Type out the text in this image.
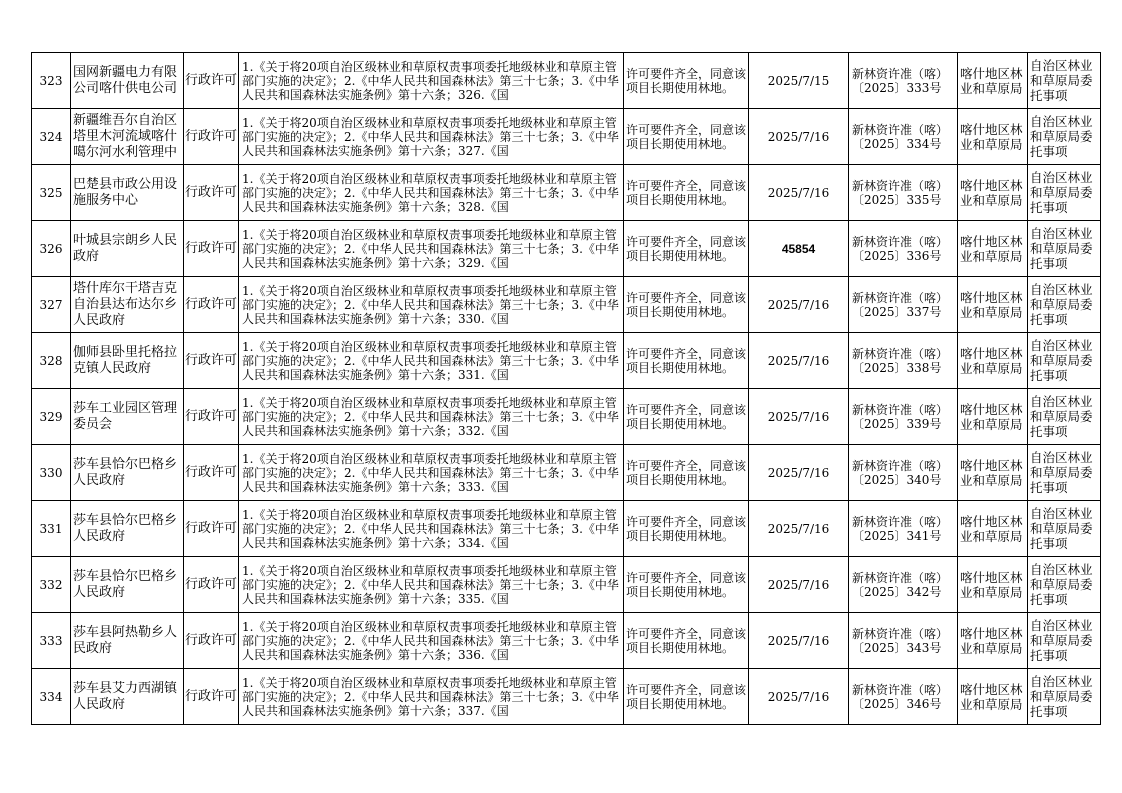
323	国网新疆电力有限公司喀什供电公司	行政许可	1.《关于将20项自治区级林业和草原权责事项委托地级林业和草原主管部门实施的决定》；2.《中华人民共和国森林法》第三十七条；3.《中华人民共和国森林法实施条例》第十六条；326.《国	许可要件齐全，同意该项目长期使用林地。	2025/7/15	新林资许准（喀）〔2025〕333号	喀什地区林业和草原局	自治区林业和草原局委托事项
324	新疆维吾尔自治区塔里木河流域喀什噶尔河水利管理中	行政许可	1.《关于将20项自治区级林业和草原权责事项委托地级林业和草原主管部门实施的决定》；2.《中华人民共和国森林法》第三十七条；3.《中华人民共和国森林法实施条例》第十六条；327.《国	许可要件齐全，同意该项目长期使用林地。	2025/7/16	新林资许准（喀）〔2025〕334号	喀什地区林业和草原局	自治区林业和草原局委托事项
325	巴楚县市政公用设施服务中心	行政许可	1.《关于将20项自治区级林业和草原权责事项委托地级林业和草原主管部门实施的决定》；2.《中华人民共和国森林法》第三十七条；3.《中华人民共和国森林法实施条例》第十六条；328.《国	许可要件齐全，同意该项目长期使用林地。	2025/7/16	新林资许准（喀）〔2025〕335号	喀什地区林业和草原局	自治区林业和草原局委托事项
326	叶城县宗朗乡人民政府	行政许可	1.《关于将20项自治区级林业和草原权责事项委托地级林业和草原主管部门实施的决定》；2.《中华人民共和国森林法》第三十七条；3.《中华人民共和国森林法实施条例》第十六条；329.《国	许可要件齐全，同意该项目长期使用林地。	45854	新林资许准（喀）〔2025〕336号	喀什地区林业和草原局	自治区林业和草原局委托事项
327	塔什库尔干塔吉克自治县达布达尔乡人民政府	行政许可	1.《关于将20项自治区级林业和草原权责事项委托地级林业和草原主管部门实施的决定》；2.《中华人民共和国森林法》第三十七条；3.《中华人民共和国森林法实施条例》第十六条；330.《国	许可要件齐全，同意该项目长期使用林地。	2025/7/16	新林资许准（喀）〔2025〕337号	喀什地区林业和草原局	自治区林业和草原局委托事项
328	伽师县卧里托格拉克镇人民政府	行政许可	1.《关于将20项自治区级林业和草原权责事项委托地级林业和草原主管部门实施的决定》；2.《中华人民共和国森林法》第三十七条；3.《中华人民共和国森林法实施条例》第十六条；331.《国	许可要件齐全，同意该项目长期使用林地。	2025/7/16	新林资许准（喀）〔2025〕338号	喀什地区林业和草原局	自治区林业和草原局委托事项
329	莎车工业园区管理委员会	行政许可	1.《关于将20项自治区级林业和草原权责事项委托地级林业和草原主管部门实施的决定》；2.《中华人民共和国森林法》第三十七条；3.《中华人民共和国森林法实施条例》第十六条；332.《国	许可要件齐全，同意该项目长期使用林地。	2025/7/16	新林资许准（喀）〔2025〕339号	喀什地区林业和草原局	自治区林业和草原局委托事项
330	莎车县恰尔巴格乡人民政府	行政许可	1.《关于将20项自治区级林业和草原权责事项委托地级林业和草原主管部门实施的决定》；2.《中华人民共和国森林法》第三十七条；3.《中华人民共和国森林法实施条例》第十六条；333.《国	许可要件齐全，同意该项目长期使用林地。	2025/7/16	新林资许准（喀）〔2025〕340号	喀什地区林业和草原局	自治区林业和草原局委托事项
331	莎车县恰尔巴格乡人民政府	行政许可	1.《关于将20项自治区级林业和草原权责事项委托地级林业和草原主管部门实施的决定》；2.《中华人民共和国森林法》第三十七条；3.《中华人民共和国森林法实施条例》第十六条；334.《国	许可要件齐全，同意该项目长期使用林地。	2025/7/16	新林资许准（喀）〔2025〕341号	喀什地区林业和草原局	自治区林业和草原局委托事项
332	莎车县恰尔巴格乡人民政府	行政许可	1.《关于将20项自治区级林业和草原权责事项委托地级林业和草原主管部门实施的决定》；2.《中华人民共和国森林法》第三十七条；3.《中华人民共和国森林法实施条例》第十六条；335.《国	许可要件齐全，同意该项目长期使用林地。	2025/7/16	新林资许准（喀）〔2025〕342号	喀什地区林业和草原局	自治区林业和草原局委托事项
333	莎车县阿热勒乡人民政府	行政许可	1.《关于将20项自治区级林业和草原权责事项委托地级林业和草原主管部门实施的决定》；2.《中华人民共和国森林法》第三十七条；3.《中华人民共和国森林法实施条例》第十六条；336.《国	许可要件齐全，同意该项目长期使用林地。	2025/7/16	新林资许准（喀）〔2025〕343号	喀什地区林业和草原局	自治区林业和草原局委托事项
334	莎车县艾力西湖镇人民政府	行政许可	1.《关于将20项自治区级林业和草原权责事项委托地级林业和草原主管部门实施的决定》；2.《中华人民共和国森林法》第三十七条；3.《中华人民共和国森林法实施条例》第十六条；337.《国	许可要件齐全，同意该项目长期使用林地。	2025/7/16	新林资许准（喀）〔2025〕346号	喀什地区林业和草原局	自治区林业和草原局委托事项
